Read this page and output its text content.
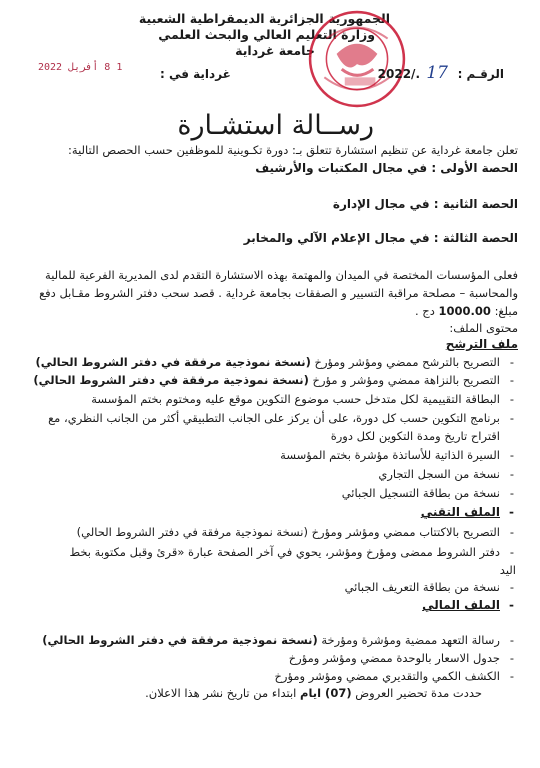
الجمهورية الجزائرية الديمقراطية الشعبية
وزارة التعليم العالي والبحث العلمي
جامعة غرداية
الرقـم :
17
2022/.
غرداية في :
1 8 أفريل 2022
رســالة استشـارة
تعلن جامعة غرداية عن تنظيم استشارة تتعلق بـ: دورة تكـوينية للموظفين حسب الحصص التالية:
الحصة الأولى : في مجال المكتبات والأرشيف
الحصة الثانية : في مجال الإدارة
الحصة الثالثة : في مجال الإعلام الآلي والمخابر
فعلى المؤسسات المختصة في الميدان والمهتمة بهذه الاستشارة التقدم لدى المديرية الفرعية للمالية
والمحاسبة – مصلحة مراقبة التسيير و الصفقات بجامعة غرداية . قصد سحب دفتر الشروط مقـابل دفع
مبلغ: 1000.00 دج .
محتوى الملف:
ملف الترشح
التصريح بالترشح ممضي ومؤشر ومؤرخ (نسخة نموذجية مرفقة في دفتر الشروط الحالي)
التصريح بالنزاهة ممضي ومؤشر و مؤرخ (نسخة نموذجية مرفقة في دفتر الشروط الحالي)
البطاقة التقييمية لكل متدخل حسب موضوع التكوين موقع عليه ومختوم بختم المؤسسة
برنامج التكوين حسب كل دورة، على أن يركز على الجانب التطبيقي أكثر من الجانب النظري، مع
اقتراح تاريخ ومدة التكوين لكل دورة
السيرة الذاتية للأساتذة مؤشرة بختم المؤسسة
نسخة من السجل التجاري
نسخة من بطاقة التسجيل الجبائي
الملف التقني
التصريح بالاكتتاب ممضي ومؤشر ومؤرخ (نسخة نموذجية مرفقة في دفتر الشروط الحالي)
دفتر الشروط ممضى ومؤرخ ومؤشر، يحوي في آخر الصفحة عبارة «قرئ وقبل مكتوبة بخط
اليد
نسخة من بطاقة التعريف الجبائي
الملف المالي
رسالة التعهد ممضية ومؤشرة ومؤرخة (نسخة نموذجية مرفقة في دفتر الشروط الحالي)
جدول الاسعار بالوحدة ممضي ومؤشر ومؤرخ
الكشف الكمي والتقديري ممضي ومؤشر ومؤرخ
حددت مدة تحضير العروض (07) ايام ابتداء من تاريخ نشر هذا الاعلان.
